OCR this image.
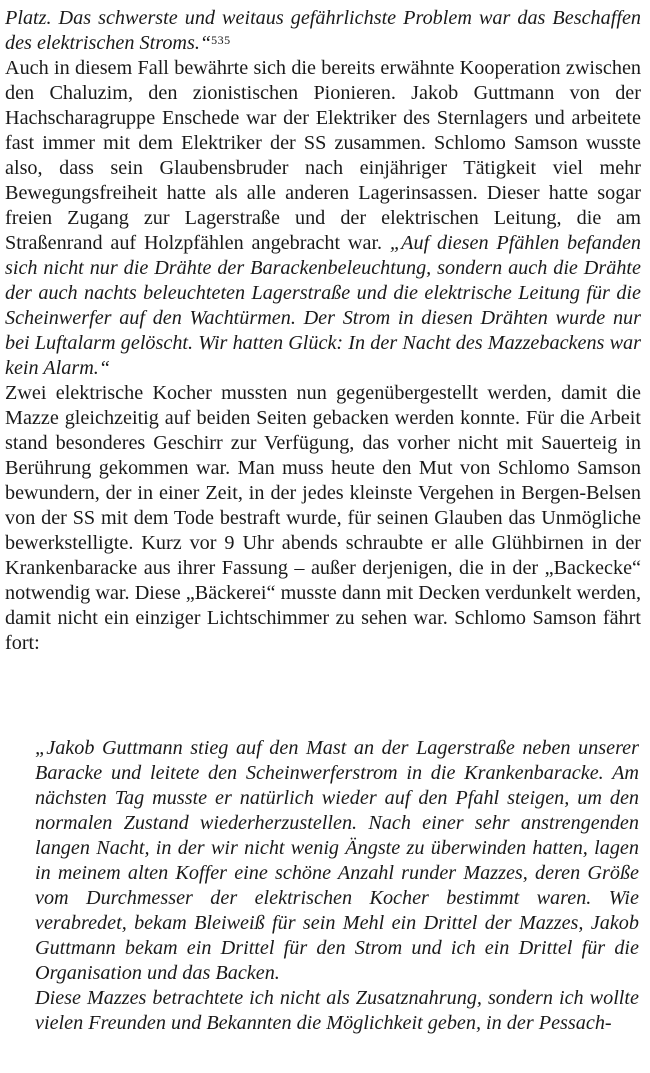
Platz. Das schwerste und weitaus gefährlichste Problem war das Beschaffen des elektrischen Stroms.“$^{535}$

Auch in diesem Fall bewährte sich die bereits erwähnte Kooperation zwischen den Chaluzim, den zionistischen Pionieren. Jakob Guttmann von der Hachscharagruppe Enschede war der Elektriker des Sternlagers und arbeitete fast immer mit dem Elektriker der SS zusammen. Schlomo Samson wusste also, dass sein Glaubensbruder nach einjähriger Tätigkeit viel mehr Bewegungsfreiheit hatte als alle anderen Lagerinsassen. Dieser hatte sogar freien Zugang zur Lagerstraße und der elektrischen Leitung, die am Straßenrand auf Holzpfählen angebracht war. „Auf diesen Pfählen befanden sich nicht nur die Drähte der Barackenbeleuchtung, sondern auch die Drähte der auch nachts beleuchteten Lagerstraße und die elektrische Leitung für die Scheinwerfer auf den Wachtürmen. Der Strom in diesen Drähten wurde nur bei Luftalarm gelöscht. Wir hatten Glück: In der Nacht des Mazzebackens war kein Alarm.“

Zwei elektrische Kocher mussten nun gegenübergestellt werden, damit die Mazze gleichzeitig auf beiden Seiten gebacken werden konnte. Für die Arbeit stand besonderes Geschirr zur Verfügung, das vorher nicht mit Sauerteig in Berührung gekommen war. Man muss heute den Mut von Schlomo Samson bewundern, der in einer Zeit, in der jedes kleinste Vergehen in Bergen-Belsen von der SS mit dem Tode bestraft wurde, für seinen Glauben das Unmögliche bewerkstelligte. Kurz vor 9 Uhr abends schraubte er alle Glühbirnen in der Krankenbaracke aus ihrer Fassung – außer derjenigen, die in der „Backecke“ notwendig war. Diese „Bäckerei“ musste dann mit Decken verdunkelt werden, damit nicht ein einziger Lichtschimmer zu sehen war. Schlomo Samson fährt fort:

„Jakob Guttmann stieg auf den Mast an der Lagerstraße neben unserer Baracke und leitete den Scheinwerferstrom in die Krankenbaracke. Am nächsten Tag musste er natürlich wieder auf den Pfahl steigen, um den normalen Zustand wiederherzustellen. Nach einer sehr anstrengenden langen Nacht, in der wir nicht wenig Ängste zu überwinden hatten, lagen in meinem alten Koffer eine schöne Anzahl runder Mazzes, deren Größe vom Durchmesser der elektrischen Kocher bestimmt waren. Wie verabredet, bekam Bleiweiß für sein Mehl ein Drittel der Mazzes, Jakob Guttmann bekam ein Drittel für den Strom und ich ein Drittel für die Organisation und das Backen.

Diese Mazzes betrachtete ich nicht als Zusatznahrung, sondern ich wollte vielen Freunden und Bekannten die Möglichkeit geben, in der Pessach-
